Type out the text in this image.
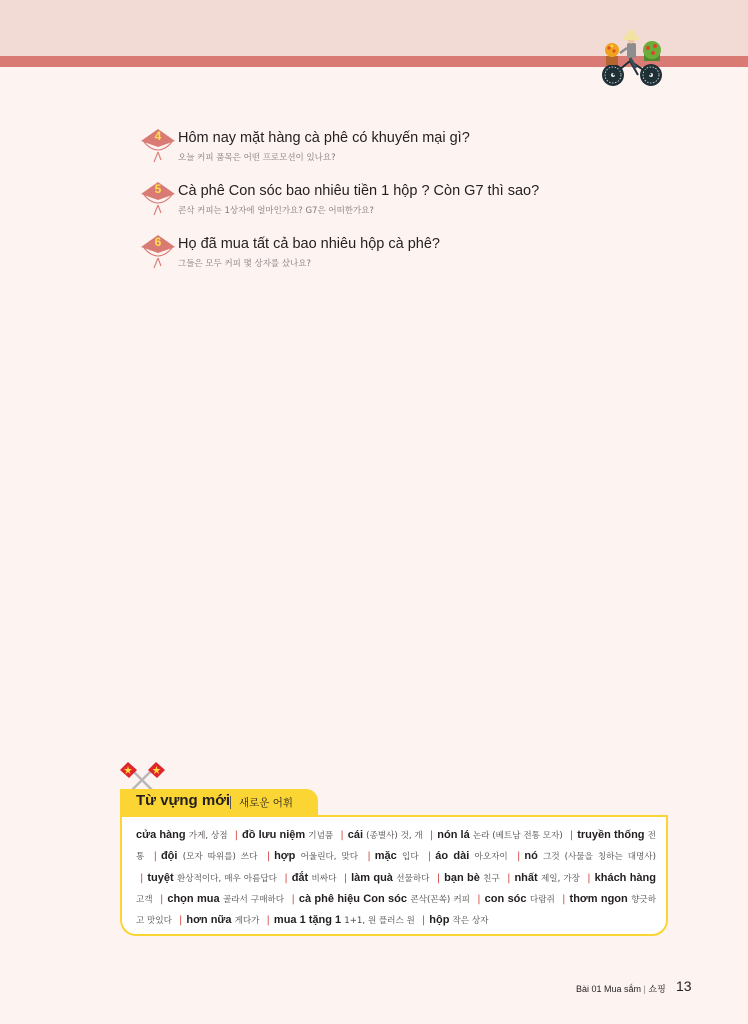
4	Hôm nay mặt hàng cà phê có khuyến mại gì?
오늘 커피 품목은 어떤 프로모션이 있나요?
5	Cà phê Con sóc bao nhiêu tiền 1 hộp ? Còn G7 thì sao?
콘삭 커피는 1상자에 얼마인가요? G7은 어떠한가요?
6	Họ đã mua tất cả bao nhiêu hộp cà phê?
그들은 모두 커피 몇 상자를 샀나요?
Từ vựng mới 새로운 어휘
cửa hàng 가게, 상점 | đồ lưu niệm 기념품 | cái (종별사) 것, 개 | nón lá 논라 (베트남 전통 모자) | truyền thống 전통 | đội (모자 따위를) 쓰다 | hợp 어울린다, 맞다 | mặc 입다 | áo dài 아오자이 | nó 그것 (사물을 칭하는 대명사) | tuyệt 환상적이다, 매우 아름답다 | đắt 비싸다 | làm quà 선물하다 | bạn bè 친구 | nhất 제일, 가장 | khách hàng 고객 | chọn mua 골라서 구매하다 | cà phê hiệu Con sóc 콘삭(꼰쏙) 커피 | con sóc 다람쥐 | thơm ngon 향긋하고 맛있다 | hơn nữa 게다가 | mua 1 tặng 1 1+1, 원 플러스 원 | hộp 작은 상자
Bài 01 Mua sắm | 쇼핑 13
